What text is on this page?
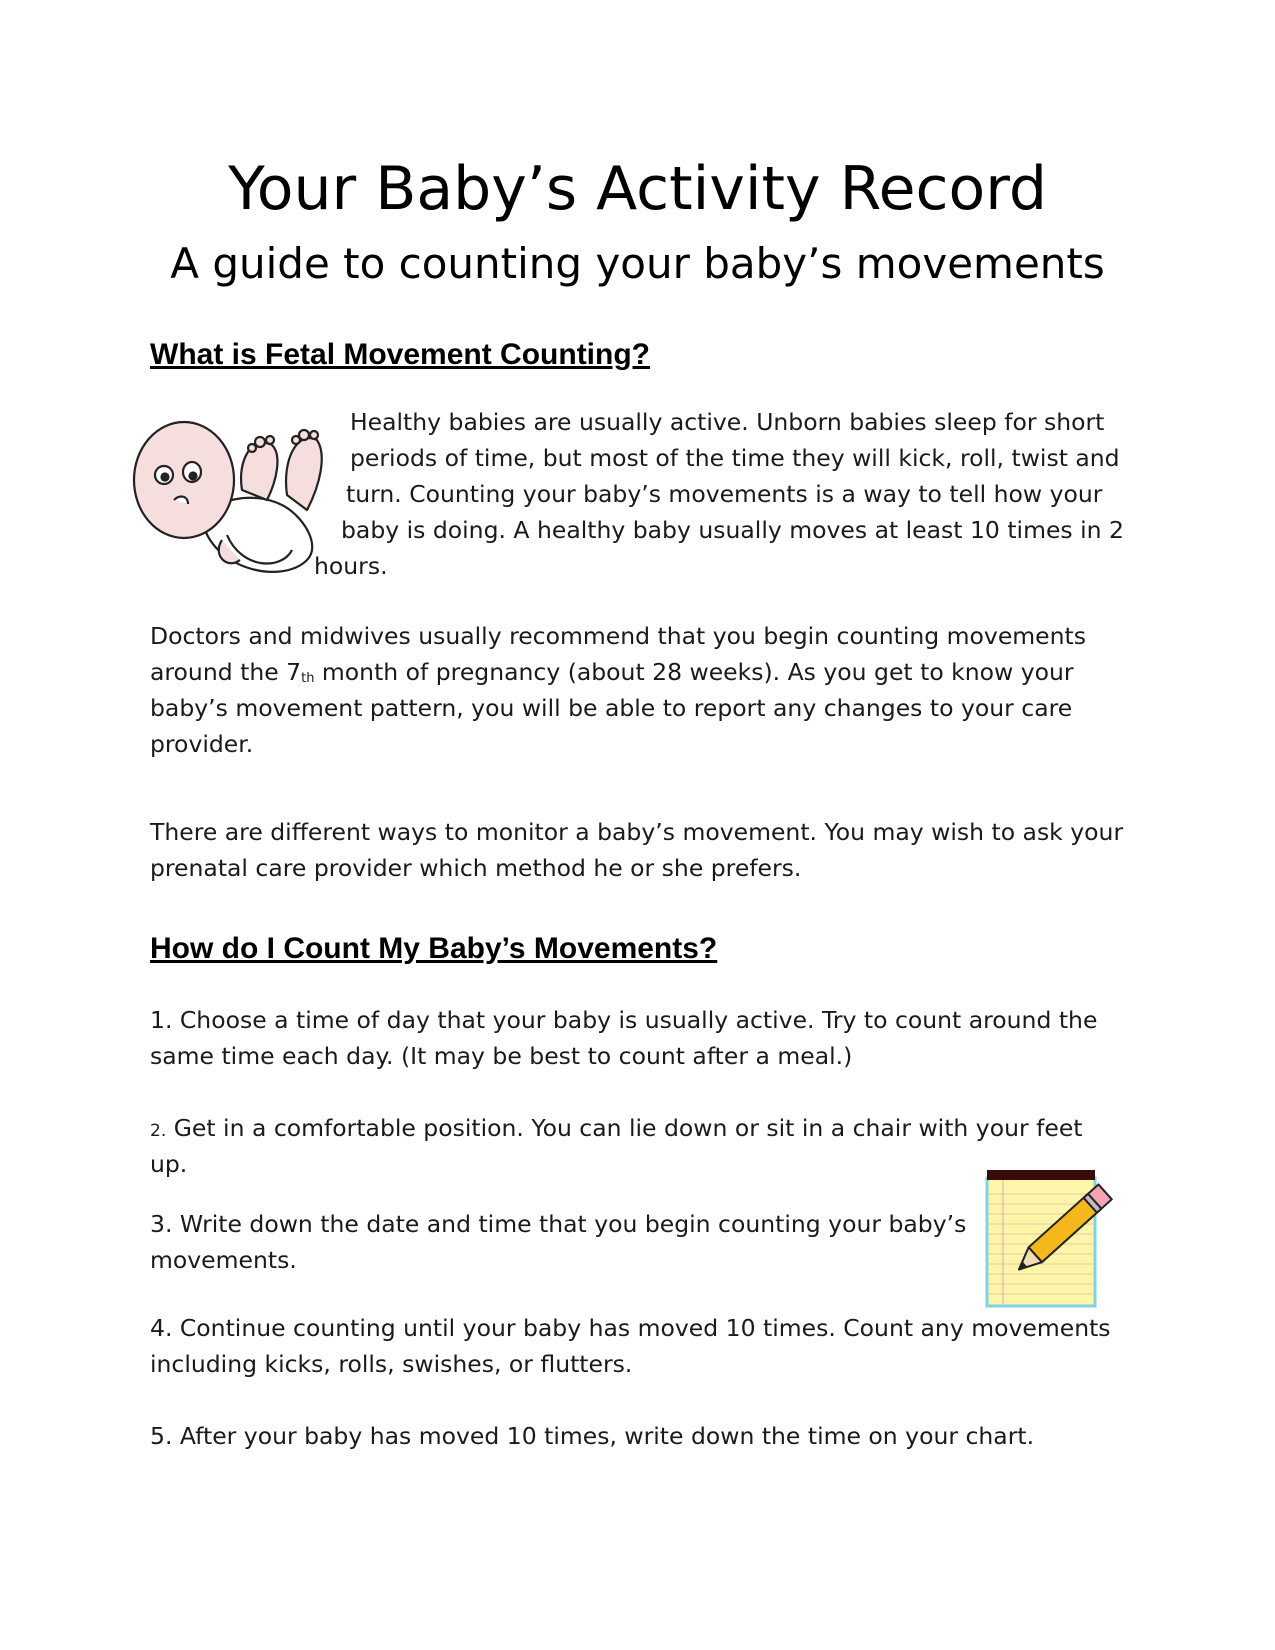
Your Baby’s Activity Record
A guide to counting your baby’s movements
What is Fetal Movement Counting?
Healthy babies are usually active. Unborn babies sleep for short
periods of time, but most of the time they will kick, roll, twist and
turn. Counting your baby’s movements is a way to tell how your
baby is doing. A healthy baby usually moves at least 10 times in 2
hours.
Doctors and midwives usually recommend that you begin counting movements
around the 7th month of pregnancy (about 28 weeks). As you get to know your
baby’s movement pattern, you will be able to report any changes to your care
provider.
There are different ways to monitor a baby’s movement. You may wish to ask your
prenatal care provider which method he or she prefers.
How do I Count My Baby’s Movements?
1. Choose a time of day that your baby is usually active. Try to count around the
same time each day. (It may be best to count after a meal.)
2. Get in a comfortable position. You can lie down or sit in a chair with your feet
up.
3. Write down the date and time that you begin counting your baby’s
movements.
4. Continue counting until your baby has moved 10 times. Count any movements
including kicks, rolls, swishes, or flutters.
5. After your baby has moved 10 times, write down the time on your chart.
